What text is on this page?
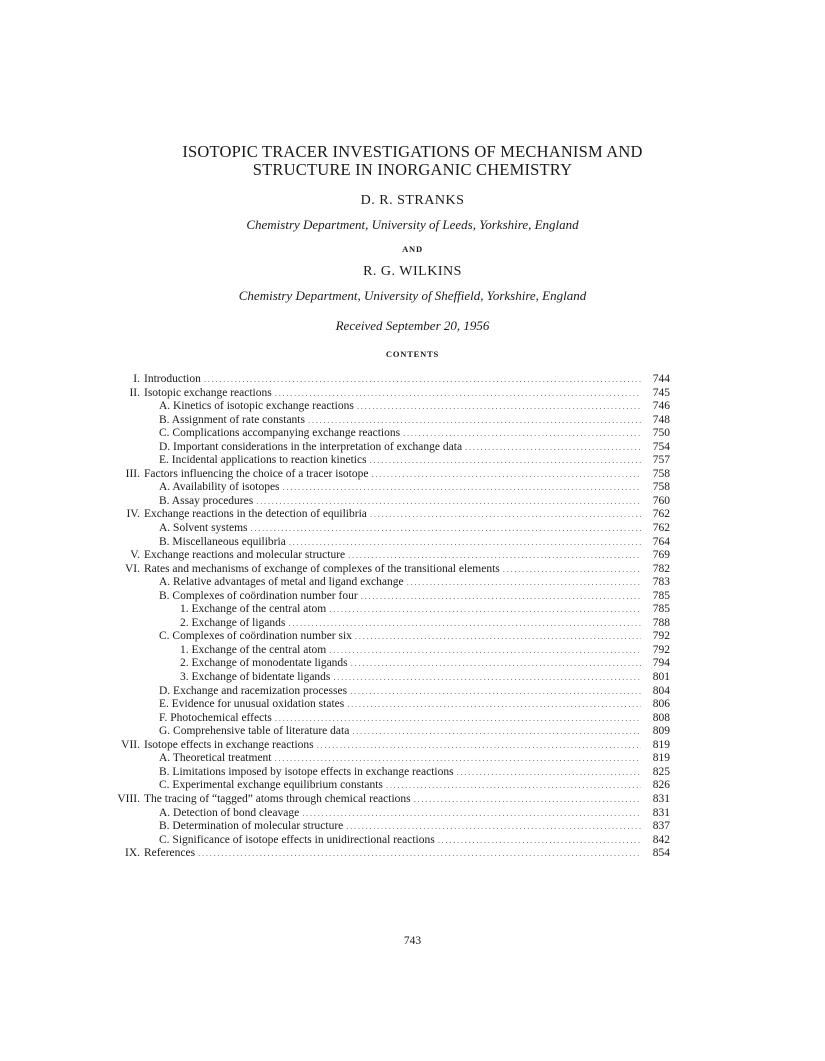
ISOTOPIC TRACER INVESTIGATIONS OF MECHANISM AND
STRUCTURE IN INORGANIC CHEMISTRY
D. R. STRANKS
Chemistry Department, University of Leeds, Yorkshire, England
AND
R. G. WILKINS
Chemistry Department, University of Sheffield, Yorkshire, England
Received September 20, 1956
CONTENTS
I. Introduction .....	744
II. Isotopic exchange reactions .....	745
A. Kinetics of isotopic exchange reactions .....	746
B. Assignment of rate constants .....	748
C. Complications accompanying exchange reactions .....	750
D. Important considerations in the interpretation of exchange data .....	754
E. Incidental applications to reaction kinetics .....	757
III. Factors influencing the choice of a tracer isotope .....	758
A. Availability of isotopes .....	758
B. Assay procedures .....	760
IV. Exchange reactions in the detection of equilibria .....	762
A. Solvent systems .....	762
B. Miscellaneous equilibria .....	764
V. Exchange reactions and molecular structure .....	769
VI. Rates and mechanisms of exchange of complexes of the transitional elements .....	782
A. Relative advantages of metal and ligand exchange .....	783
B. Complexes of coördination number four .....	785
1. Exchange of the central atom .....	785
2. Exchange of ligands .....	788
C. Complexes of coördination number six .....	792
1. Exchange of the central atom .....	792
2. Exchange of monodentate ligands .....	794
3. Exchange of bidentate ligands .....	801
D. Exchange and racemization processes .....	804
E. Evidence for unusual oxidation states .....	806
F. Photochemical effects .....	808
G. Comprehensive table of literature data .....	809
VII. Isotope effects in exchange reactions .....	819
A. Theoretical treatment .....	819
B. Limitations imposed by isotope effects in exchange reactions .....	825
C. Experimental exchange equilibrium constants .....	826
VIII. The tracing of “tagged” atoms through chemical reactions .....	831
A. Detection of bond cleavage .....	831
B. Determination of molecular structure .....	837
C. Significance of isotope effects in unidirectional reactions .....	842
IX. References .....	854
743
